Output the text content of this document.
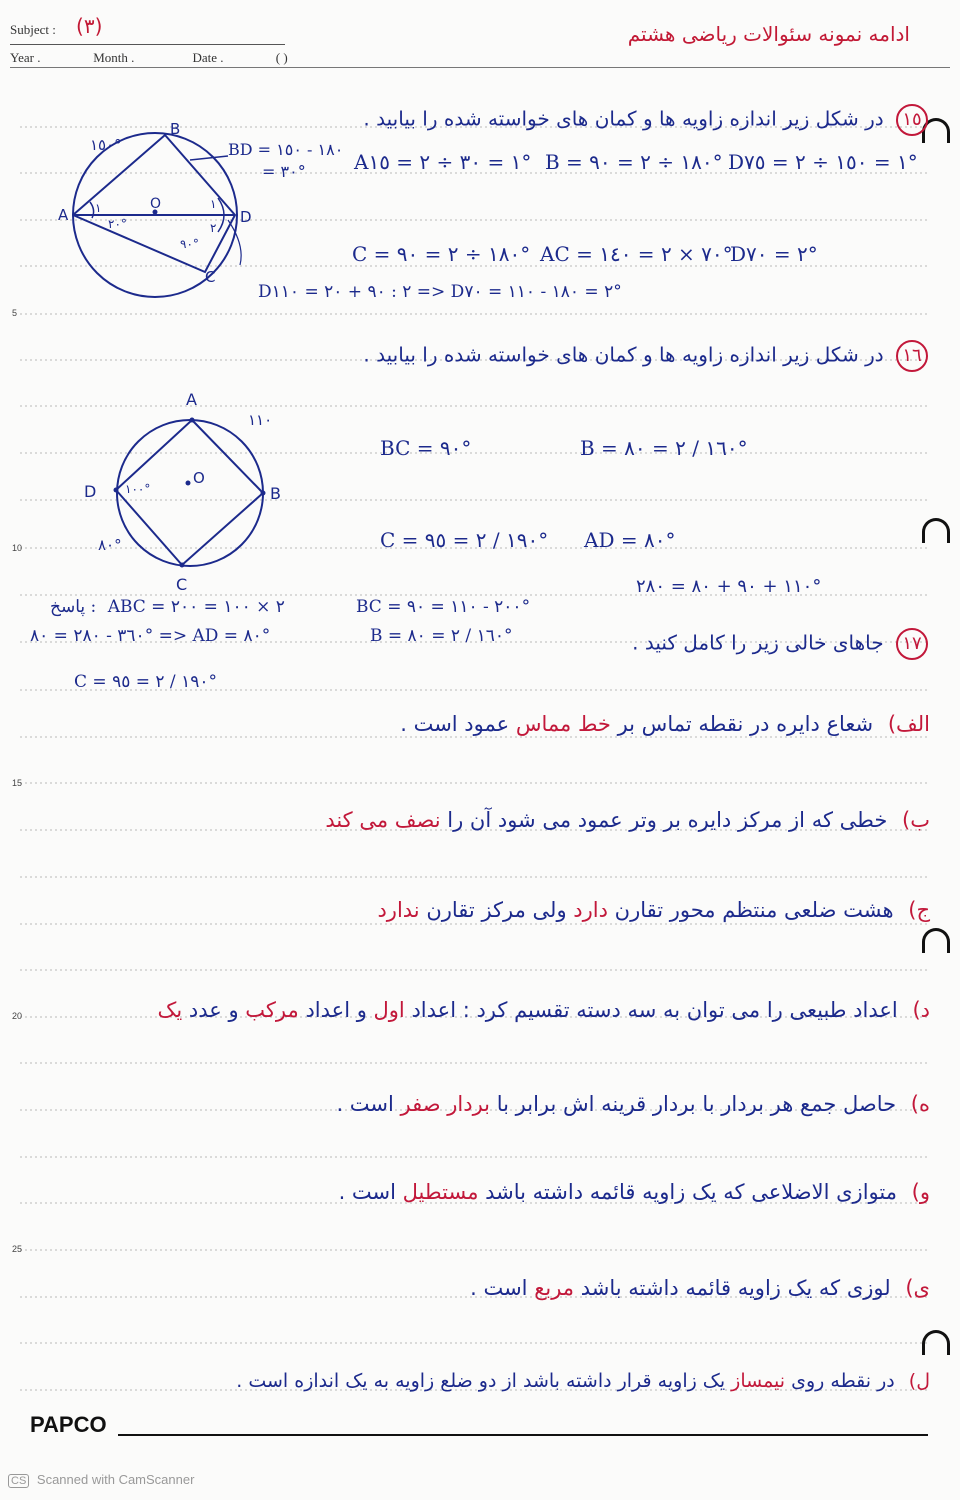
Subject : (٣)
Year .	Month .	Date .	( )
ادامه نمونه سئوالات ریاضی هشتم
5
10
15
20
25
١٥ در شکل زیر اندازه زاویه ها و کمان های خواسته شده را بیابید .
O
A
B
C
D
١٥٠°
١
٢٠°
١
٢
٩٠°
BD = ١٨٠ - ١٥٠
= ٣٠° A١ = ٣٠ ÷ ٢ = ١٥° B = ١٨٠ ÷ ٢ = ٩٠° D١ = ١٥٠ ÷ ٢ = ٧٥°
C = ١٨٠ ÷ ٢ = ٩٠° AC = ٧٠ × ٢ = ١٤٠°
D٢ = ٧٠°
D٢ : ٩٠ + ٢٠ = ١١٠ => D٢ = ١٨٠ - ١١٠ = ٧٠°
١٦ در شکل زیر اندازه زاویه ها و کمان های خواسته شده را بیابید .
O
A
B
C
D
١١٠
٨٠°
١٠٠°
BC = ٩٠°	B = ١٦٠ / ٢ = ٨٠°
C = ١٩٠ / ٢ = ٩٥° AD = ٨٠°
١١٠ + ٩٠ + ٨٠ = ٢٨٠°
پاسخ : ABC = ٢ × ١٠٠ = ٢٠٠	BC = ٢٠٠ - ١١٠ = ٩٠°
٣٦٠ - ٢٨٠ = ٨٠° => AD = ٨٠°	B = ١٦٠ / ٢ = ٨٠°
C = ١٩٠ / ٢ = ٩٥°
١٧ جاهای خالی زیر را کامل کنید .
الف) شعاع دایره در نقطه تماس بر خط مماس عمود است .
ب) خطی که از مرکز دایره بر وتر عمود می شود آن را نصف می کند
ج) هشت ضلعی منتظم محور تقارن دارد ولی مرکز تقارن ندارد
د) اعداد طبیعی را می توان به سه دسته تقسیم کرد : اعداد اول و اعداد مرکب و عدد یک
ه) حاصل جمع هر بردار با بردار قرینه اش برابر با بردار صفر است .
و) متوازی الاضلاعی که یک زاویه قائمه داشته باشد مستطیل است .
ی) لوزی که یک زاویه قائمه داشته باشد مربع است .
ل) در نقطه روی نیمساز یک زاویه قرار داشته باشد از دو ضلع زاویه به یک اندازه است .
PAPCO
CS Scanned with CamScanner
